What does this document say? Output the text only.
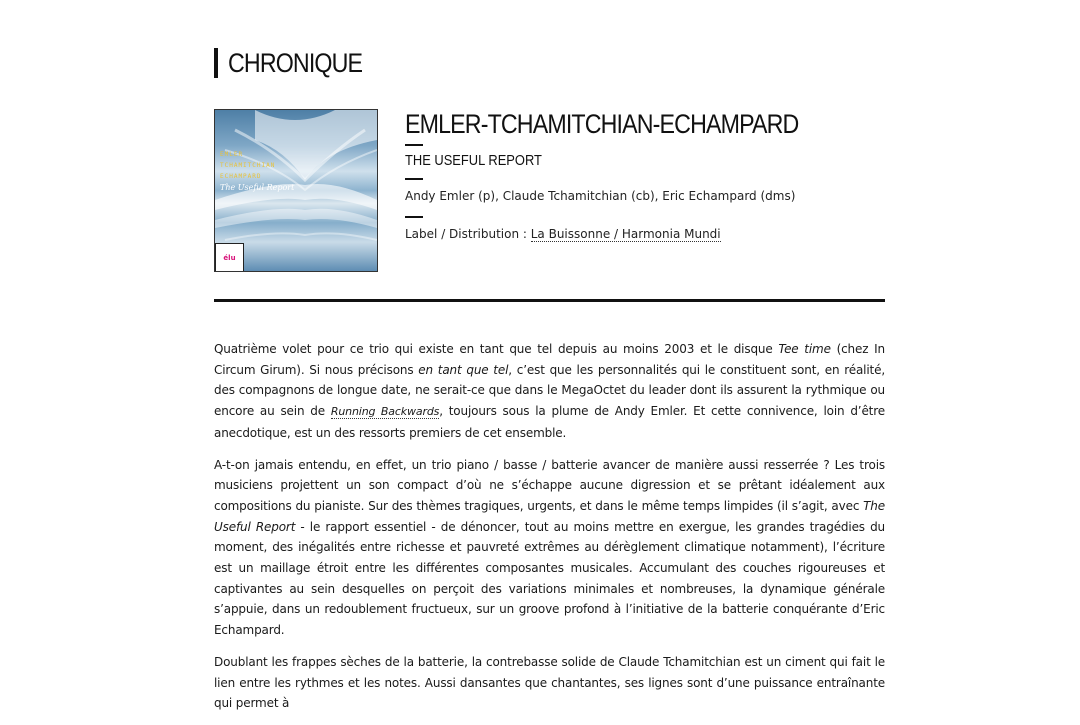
CHRONIQUE
EMLER
TCHAMITCHIAN
ECHAMPARD
The Useful Report
élu
EMLER-TCHAMITCHIAN-ECHAMPARD
THE USEFUL REPORT
Andy Emler (p), Claude Tchamitchian (cb), Eric Echampard (dms)
Label / Distribution : La Buissonne / Harmonia Mundi

Quatrième volet pour ce trio qui existe en tant que tel depuis au moins 2003 et le disque Tee time (chez In Circum Girum). Si nous précisons en tant que tel, c’est que les personnalités qui le constituent sont, en réalité, des compagnons de longue date, ne serait-ce que dans le MegaOctet du leader dont ils assurent la rythmique ou encore au sein de Running Backwards, toujours sous la plume de Andy Emler. Et cette connivence, loin d’être anecdotique, est un des ressorts premiers de cet ensemble.

A-t-on jamais entendu, en effet, un trio piano / basse / batterie avancer de manière aussi resserrée ? Les trois musiciens projettent un son compact d’où ne s’échappe aucune digression et se prêtant idéalement aux compositions du pianiste. Sur des thèmes tragiques, urgents, et dans le même temps limpides (il s’agit, avec The Useful Report - le rapport essentiel - de dénoncer, tout au moins mettre en exergue, les grandes tragédies du moment, des inégalités entre richesse et pauvreté extrêmes au dérèglement climatique notamment), l’écriture est un maillage étroit entre les différentes composantes musicales. Accumulant des couches rigoureuses et captivantes au sein desquelles on perçoit des variations minimales et nombreuses, la dynamique générale s’appuie, dans un redoublement fructueux, sur un groove profond à l’initiative de la batterie conquérante d’Eric Echampard.

Doublant les frappes sèches de la batterie, la contrebasse solide de Claude Tchamitchian est un ciment qui fait le lien entre les rythmes et les notes. Aussi dansantes que chantantes, ses lignes sont d’une puissance entraînante qui permet à
